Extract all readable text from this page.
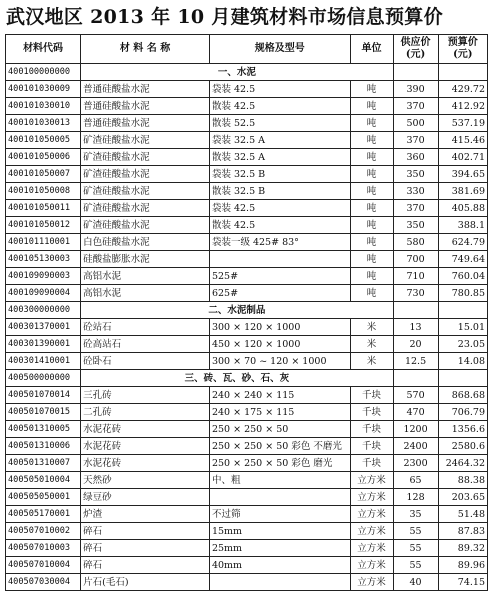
武汉地区 2013 年 10 月建筑材料市场信息预算价
材料代码	材 料 名 称	规格及型号	单位	供应价(元)	预算价(元)
400100000000	一、水泥				
400101030009	普通硅酸盐水泥	袋装 42.5	吨	390	429.72
400101030010	普通硅酸盐水泥	散装 42.5	吨	370	412.92
400101030013	普通硅酸盐水泥	散装 52.5	吨	500	537.19
400101050005	矿渣硅酸盐水泥	袋装 32.5 A	吨	370	415.46
400101050006	矿渣硅酸盐水泥	散装 32.5 A	吨	360	402.71
400101050007	矿渣硅酸盐水泥	袋装 32.5 B	吨	350	394.65
400101050008	矿渣硅酸盐水泥	散装 32.5 B	吨	330	381.69
400101050011	矿渣硅酸盐水泥	袋装 42.5	吨	370	405.88
400101050012	矿渣硅酸盐水泥	散装 42.5	吨	350	388.1
400101110001	白色硅酸盐水泥	袋装一级 425# 83°	吨	580	624.79
400105130003	硅酸盐膨胀水泥		吨	700	749.64
400109090003	高铝水泥	525#	吨	710	760.04
400109090004	高铝水泥	625#	吨	730	780.85
400300000000	二、水泥制品				
400301370001	砼站石	300 × 120 × 1000	米	13	15.01
400301390001	砼高站石	450 × 120 × 1000	米	20	23.05
400301410001	砼卧石	300 × 70 ~ 120 × 1000	米	12.5	14.08
400500000000	三、砖、瓦、砂、石、灰				
400501070014	三孔砖	240 × 240 × 115	千块	570	868.68
400501070015	二孔砖	240 × 175 × 115	千块	470	706.79
400501310005	水泥花砖	250 × 250 × 50	千块	1200	1356.6
400501310006	水泥花砖	250 × 250 × 50 彩色 不磨光	千块	2400	2580.6
400501310007	水泥花砖	250 × 250 × 50 彩色 磨光	千块	2300	2464.32
400505010004	天然砂	中、粗	立方米	65	88.38
400505050001	绿豆砂		立方米	128	203.65
400505170001	炉渣	不过筛	立方米	35	51.48
400507010002	碎石	15mm	立方米	55	87.83
400507010003	碎石	25mm	立方米	55	89.32
400507010004	碎石	40mm	立方米	55	89.96
400507030004	片石(毛石)		立方米	40	74.15
